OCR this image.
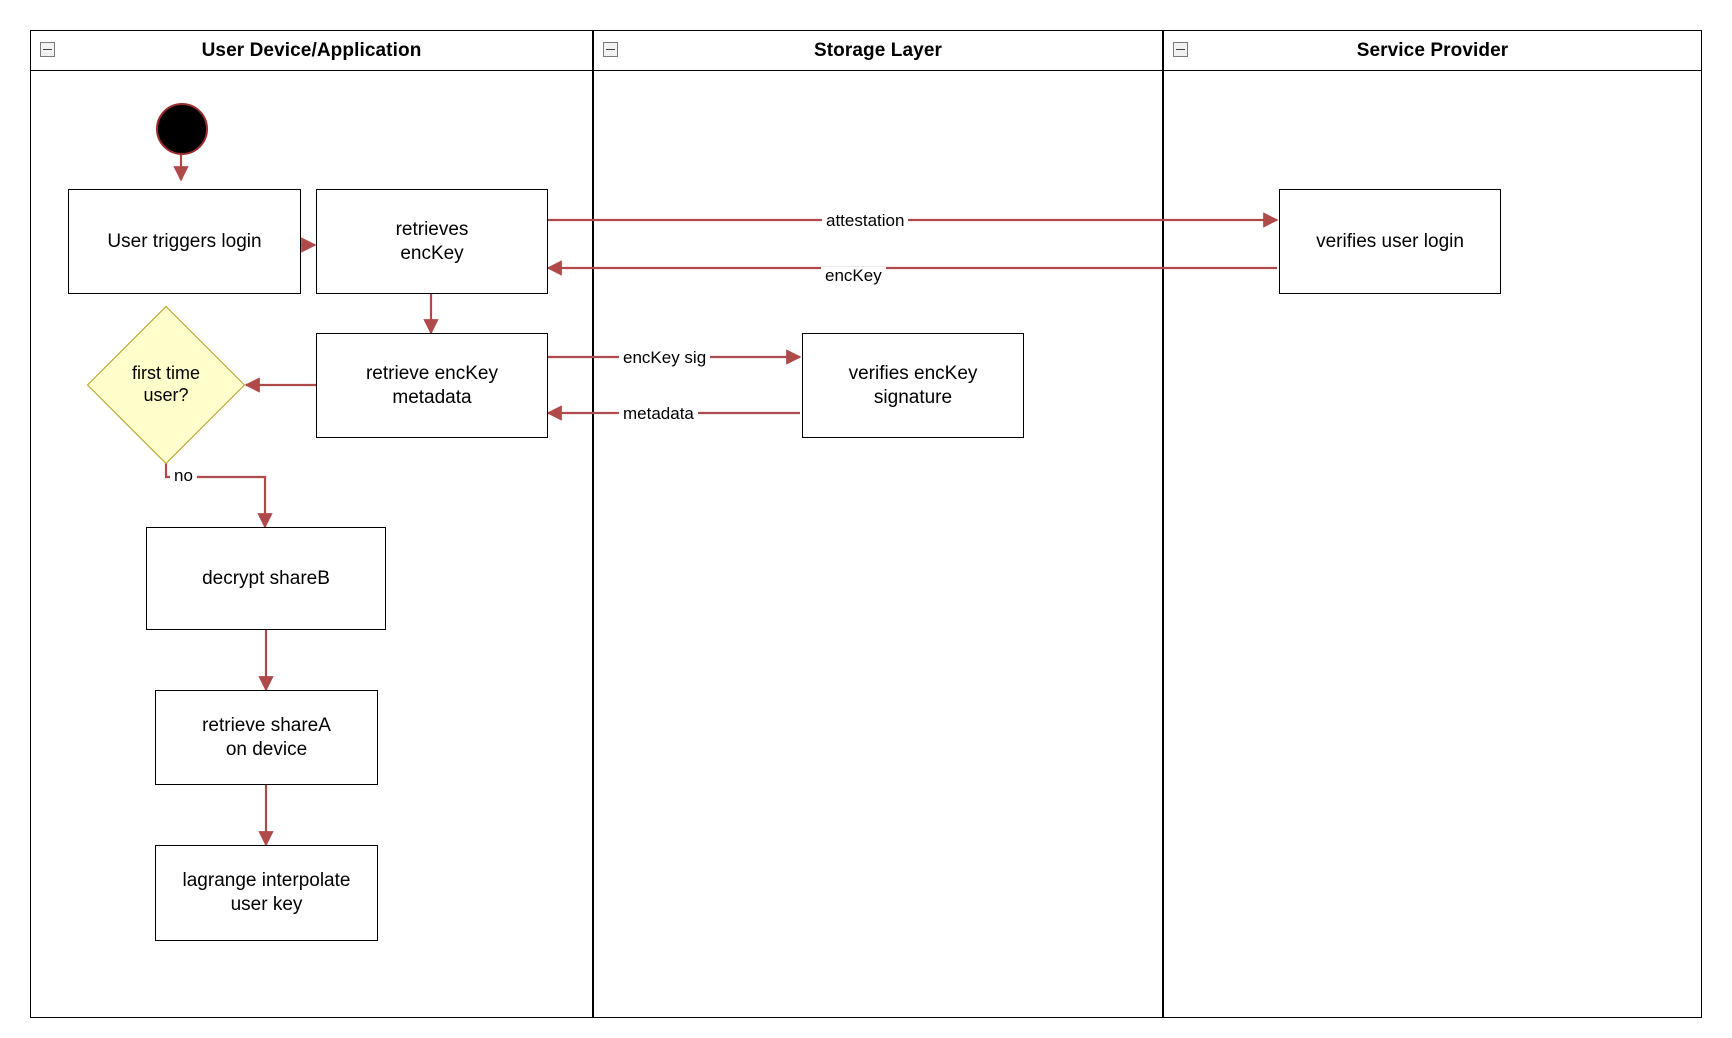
User Device/Application	Storage Layer	Service Provider
User triggers login
retrieves
encKey
retrieve encKey
metadata
first time
user?
decrypt shareB
retrieve shareA
on device
lagrange interpolate
user key
verifies encKey
signature
verifies user login
attestation
encKey
encKey sig
metadata
no
